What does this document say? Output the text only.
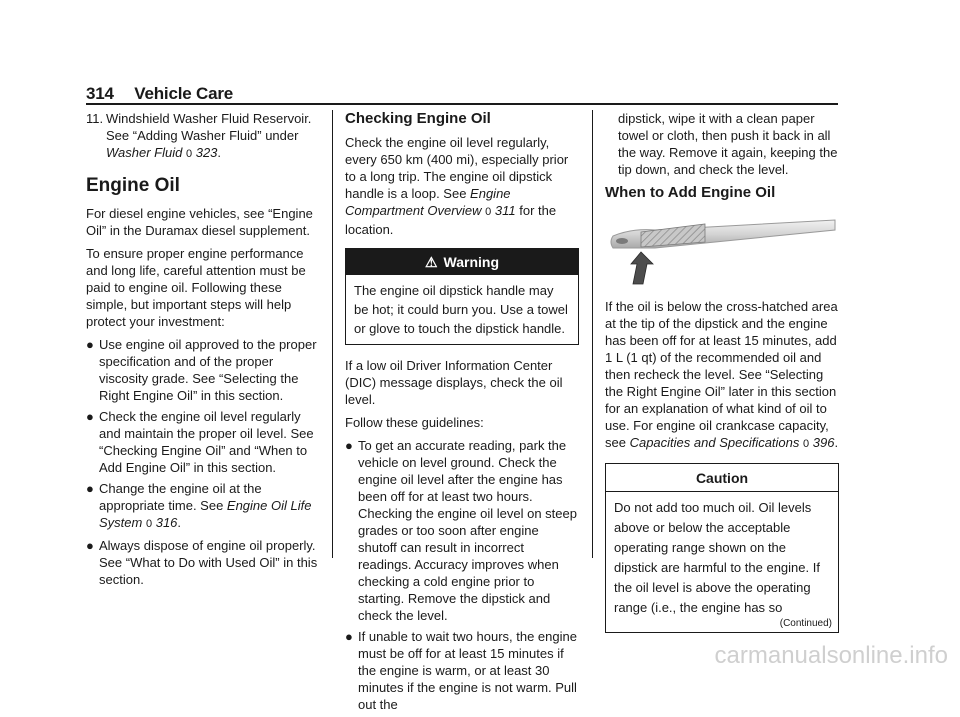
314 Vehicle Care
11. Windshield Washer Fluid Reservoir. See “Adding Washer Fluid” under Washer Fluid 0 323.
Engine Oil

For diesel engine vehicles, see “Engine Oil” in the Duramax diesel supplement.

To ensure proper engine performance and long life, careful attention must be paid to engine oil. Following these simple, but important steps will help protect your investment:

● Use engine oil approved to the proper specification and of the proper viscosity grade. See “Selecting the Right Engine Oil” in this section.
● Check the engine oil level regularly and maintain the proper oil level. See “Checking Engine Oil” and “When to Add Engine Oil” in this section.
● Change the engine oil at the appropriate time. See Engine Oil Life System 0 316.
● Always dispose of engine oil properly. See “What to Do with Used Oil” in this section.
Checking Engine Oil

Check the engine oil level regularly, every 650 km (400 mi), especially prior to a long trip. The engine oil dipstick handle is a loop. See Engine Compartment Overview 0 311 for the location.

⚠ Warning
The engine oil dipstick handle may be hot; it could burn you. Use a towel or glove to touch the dipstick handle.

If a low oil Driver Information Center (DIC) message displays, check the oil level.

Follow these guidelines:

● To get an accurate reading, park the vehicle on level ground. Check the engine oil level after the engine has been off for at least two hours. Checking the engine oil level on steep grades or too soon after engine shutoff can result in incorrect readings. Accuracy improves when checking a cold engine prior to starting. Remove the dipstick and check the level.
● If unable to wait two hours, the engine must be off for at least 15 minutes if the engine is warm, or at least 30 minutes if the engine is not warm. Pull out the

dipstick, wipe it with a clean paper towel or cloth, then push it back in all the way. Remove it again, keeping the tip down, and check the level.

When to Add Engine Oil

If the oil is below the cross-hatched area at the tip of the dipstick and the engine has been off for at least 15 minutes, add 1 L (1 qt) of the recommended oil and then recheck the level. See “Selecting the Right Engine Oil” later in this section for an explanation of what kind of oil to use. For engine oil crankcase capacity, see Capacities and Specifications 0 396.

Caution
Do not add too much oil. Oil levels above or below the acceptable operating range shown on the dipstick are harmful to the engine. If the oil level is above the operating range (i.e., the engine has so
(Continued)
carmanualsonline.info
